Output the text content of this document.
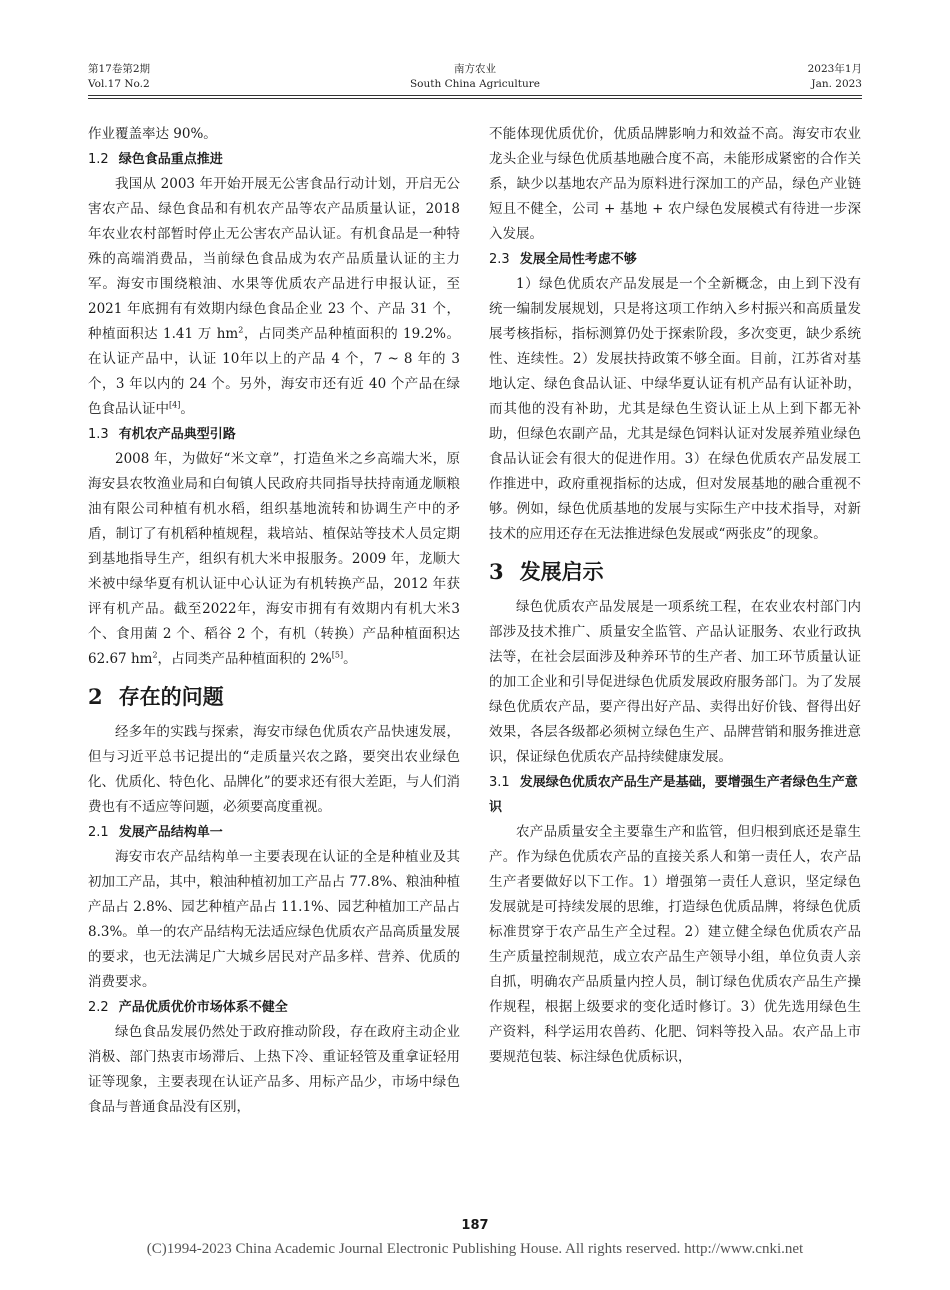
第17卷第2期
Vol.17 No.2
南方农业
South China Agriculture
2023年1月
Jan. 2023

作业覆盖率达 90%。

1.2 绿色食品重点推进

我国从 2003 年开始开展无公害食品行动计划，开启无公害农产品、绿色食品和有机农产品等农产品质量认证，2018 年农业农村部暂时停止无公害农产品认证。有机食品是一种特殊的高端消费品，当前绿色食品成为农产品质量认证的主力军。海安市围绕粮油、水果等优质农产品进行申报认证，至 2021 年底拥有有效期内绿色食品企业 23 个、产品 31 个，种植面积达 1.41 万 $hm^2$，占同类产品种植面积的 19.2%。在认证产品中，认证 10年以上的产品 4 个，7 ~ 8 年的 3 个，3 年以内的 24 个。另外，海安市还有近 40 个产品在绿色食品认证中[4]。

1.3 有机农产品典型引路

2008 年，为做好“米文章”，打造鱼米之乡高端大米，原海安县农牧渔业局和白甸镇人民政府共同指导扶持南通龙顺粮油有限公司种植有机水稻，组织基地流转和协调生产中的矛盾，制订了有机稻种植规程，栽培站、植保站等技术人员定期到基地指导生产，组织有机大米申报服务。2009 年，龙顺大米被中绿华夏有机认证中心认证为有机转换产品，2012 年获评有机产品。截至2022年，海安市拥有有效期内有机大米3个、食用菌 2 个、稻谷 2 个，有机（转换）产品种植面积达 62.67 $hm^2$，占同类产品种植面积的 2%[5]。

2 存在的问题

经多年的实践与探索，海安市绿色优质农产品快速发展，但与习近平总书记提出的“走质量兴农之路，要突出农业绿色化、优质化、特色化、品牌化”的要求还有很大差距，与人们消费也有不适应等问题，必须要高度重视。

2.1 发展产品结构单一

海安市农产品结构单一主要表现在认证的全是种植业及其初加工产品，其中，粮油种植初加工产品占 77.8%、粮油种植产品占 2.8%、园艺种植产品占 11.1%、园艺种植加工产品占 8.3%。单一的农产品结构无法适应绿色优质农产品高质量发展的要求，也无法满足广大城乡居民对产品多样、营养、优质的消费要求。

2.2 产品优质优价市场体系不健全

绿色食品发展仍然处于政府推动阶段，存在政府主动企业消极、部门热衷市场滞后、上热下冷、重证轻管及重拿证轻用证等现象，主要表现在认证产品多、用标产品少，市场中绿色食品与普通食品没有区别，

不能体现优质优价，优质品牌影响力和效益不高。海安市农业龙头企业与绿色优质基地融合度不高，未能形成紧密的合作关系，缺少以基地农产品为原料进行深加工的产品，绿色产业链短且不健全，公司 + 基地 + 农户绿色发展模式有待进一步深入发展。

2.3 发展全局性考虑不够

1）绿色优质农产品发展是一个全新概念，由上到下没有统一编制发展规划，只是将这项工作纳入乡村振兴和高质量发展考核指标，指标测算仍处于探索阶段，多次变更，缺少系统性、连续性。2）发展扶持政策不够全面。目前，江苏省对基地认定、绿色食品认证、中绿华夏认证有机产品有认证补助，而其他的没有补助，尤其是绿色生资认证上从上到下都无补助，但绿色农副产品，尤其是绿色饲料认证对发展养殖业绿色食品认证会有很大的促进作用。3）在绿色优质农产品发展工作推进中，政府重视指标的达成，但对发展基地的融合重视不够。例如，绿色优质基地的发展与实际生产中技术指导，对新技术的应用还存在无法推进绿色发展或“两张皮”的现象。

3 发展启示

绿色优质农产品发展是一项系统工程，在农业农村部门内部涉及技术推广、质量安全监管、产品认证服务、农业行政执法等，在社会层面涉及种养环节的生产者、加工环节质量认证的加工企业和引导促进绿色优质发展政府服务部门。为了发展绿色优质农产品，要产得出好产品、卖得出好价钱、督得出好效果，各层各级都必须树立绿色生产、品牌营销和服务推进意识，保证绿色优质农产品持续健康发展。

3.1 发展绿色优质农产品生产是基础，要增强生产者绿色生产意识

农产品质量安全主要靠生产和监管，但归根到底还是靠生产。作为绿色优质农产品的直接关系人和第一责任人，农产品生产者要做好以下工作。1）增强第一责任人意识，坚定绿色发展就是可持续发展的思维，打造绿色优质品牌，将绿色优质标准贯穿于农产品生产全过程。2）建立健全绿色优质农产品生产质量控制规范，成立农产品生产领导小组，单位负责人亲自抓，明确农产品质量内控人员，制订绿色优质农产品生产操作规程，根据上级要求的变化适时修订。3）优先选用绿色生产资料，科学运用农兽药、化肥、饲料等投入品。农产品上市要规范包装、标注绿色优质标识，

187
(C)1994-2023 China Academic Journal Electronic Publishing House. All rights reserved. http://www.cnki.net
